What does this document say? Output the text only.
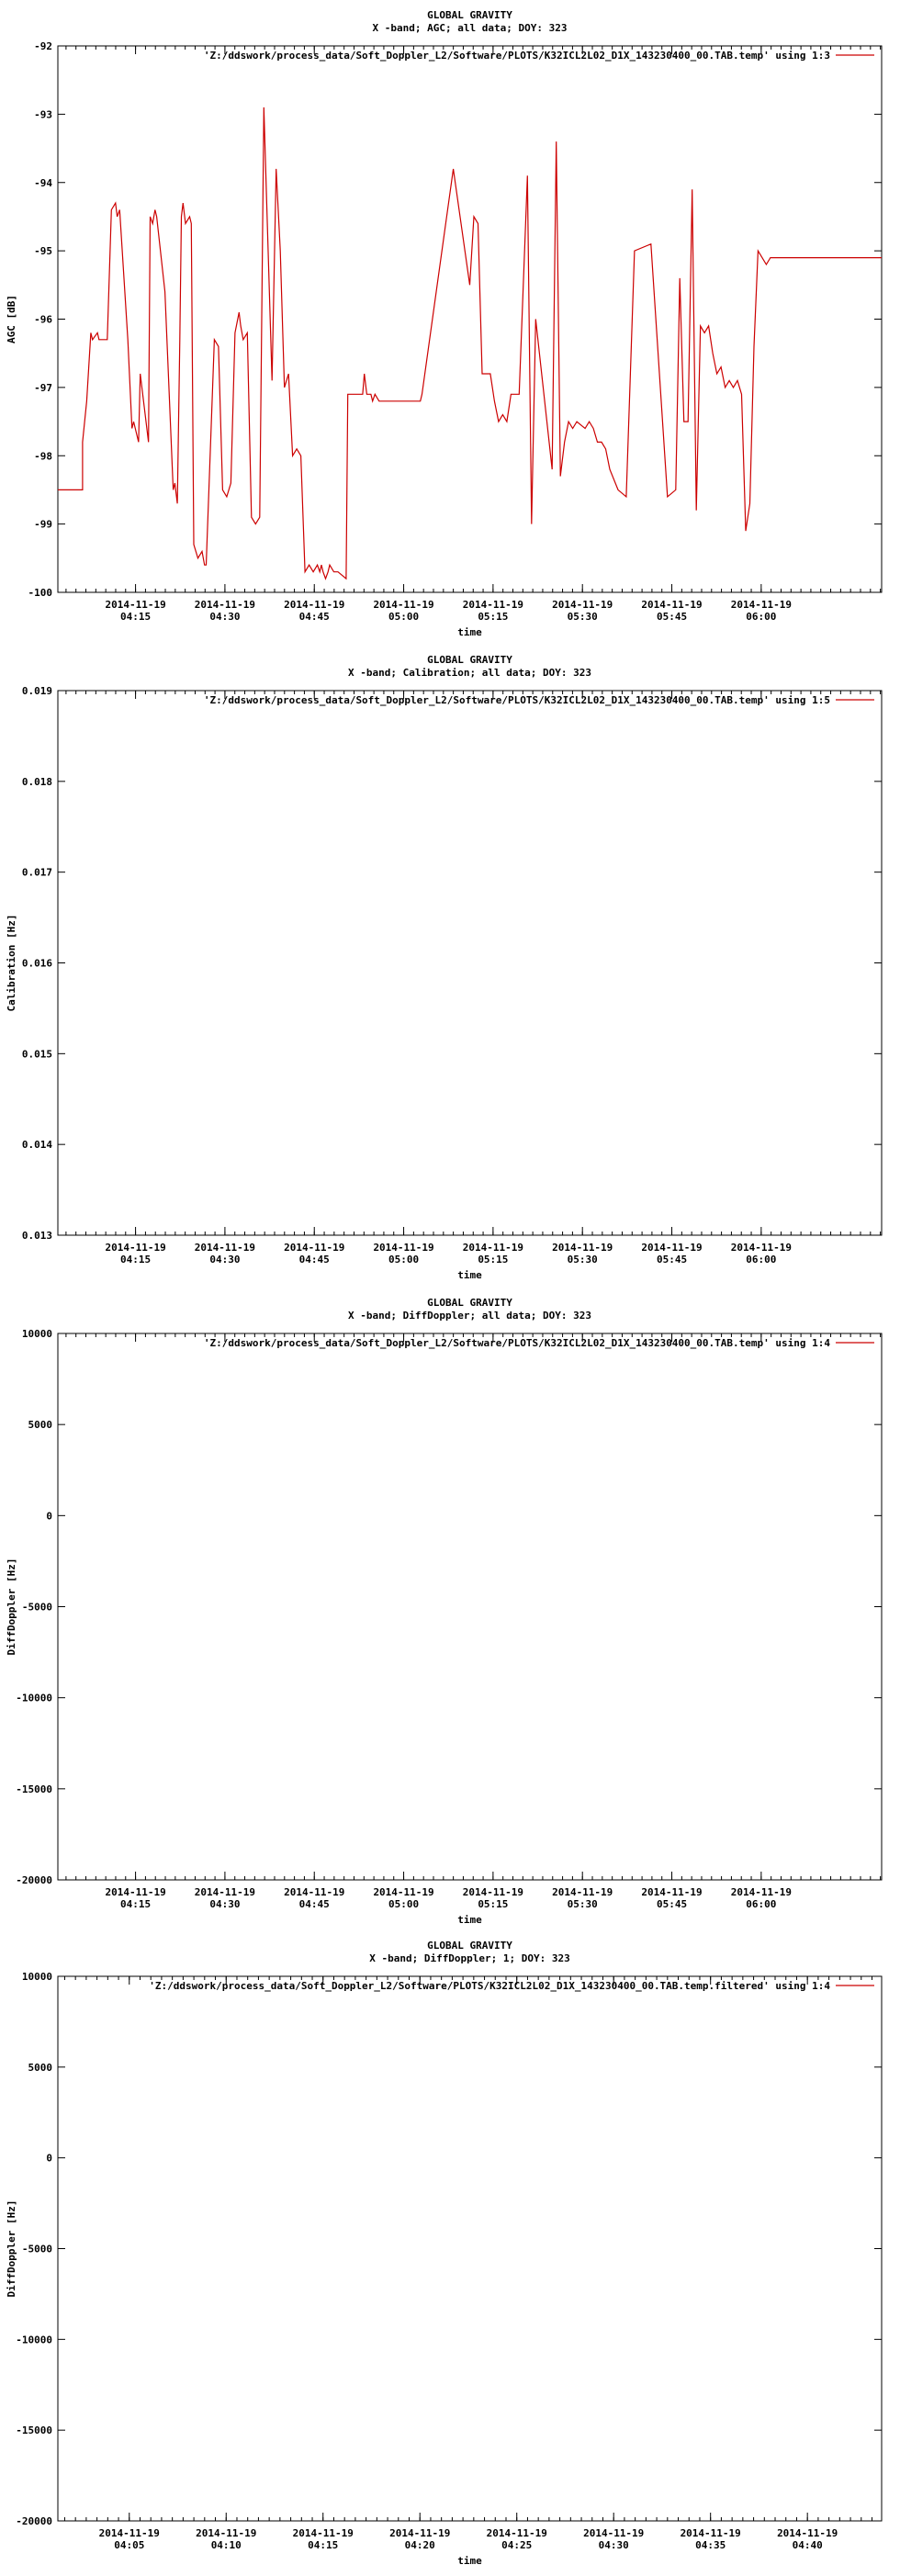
GLOBAL GRAVITY
X -band; AGC; all data; DOY: 323
-92
-93
-94
-95
-96
-97
-98
-99
-100
2014-11-19
04:15
2014-11-19
04:30
2014-11-19
04:45
2014-11-19
05:00
2014-11-19
05:15
2014-11-19
05:30
2014-11-19
05:45
2014-11-19
06:00
time
AGC [dB]
'Z:/ddswork/process_data/Soft_Doppler_L2/Software/PLOTS/K32ICL2L02_D1X_143230400_00.TAB.temp' using 1:3
GLOBAL GRAVITY
X -band; Calibration; all data; DOY: 323
0.019
0.018
0.017
0.016
0.015
0.014
0.013
2014-11-19
04:15
2014-11-19
04:30
2014-11-19
04:45
2014-11-19
05:00
2014-11-19
05:15
2014-11-19
05:30
2014-11-19
05:45
2014-11-19
06:00
time
Calibration [Hz]
'Z:/ddswork/process_data/Soft_Doppler_L2/Software/PLOTS/K32ICL2L02_D1X_143230400_00.TAB.temp' using 1:5
GLOBAL GRAVITY
X -band; DiffDoppler; all data; DOY: 323
10000
5000
0
-5000
-10000
-15000
-20000
2014-11-19
04:15
2014-11-19
04:30
2014-11-19
04:45
2014-11-19
05:00
2014-11-19
05:15
2014-11-19
05:30
2014-11-19
05:45
2014-11-19
06:00
time
DiffDoppler [Hz]
'Z:/ddswork/process_data/Soft_Doppler_L2/Software/PLOTS/K32ICL2L02_D1X_143230400_00.TAB.temp' using 1:4
GLOBAL GRAVITY
X -band; DiffDoppler; 1; DOY: 323
10000
5000
0
-5000
-10000
-15000
-20000
2014-11-19
04:05
2014-11-19
04:10
2014-11-19
04:15
2014-11-19
04:20
2014-11-19
04:25
2014-11-19
04:30
2014-11-19
04:35
2014-11-19
04:40
time
DiffDoppler [Hz]
'Z:/ddswork/process_data/Soft_Doppler_L2/Software/PLOTS/K32ICL2L02_D1X_143230400_00.TAB.temp.filtered' using 1:4
